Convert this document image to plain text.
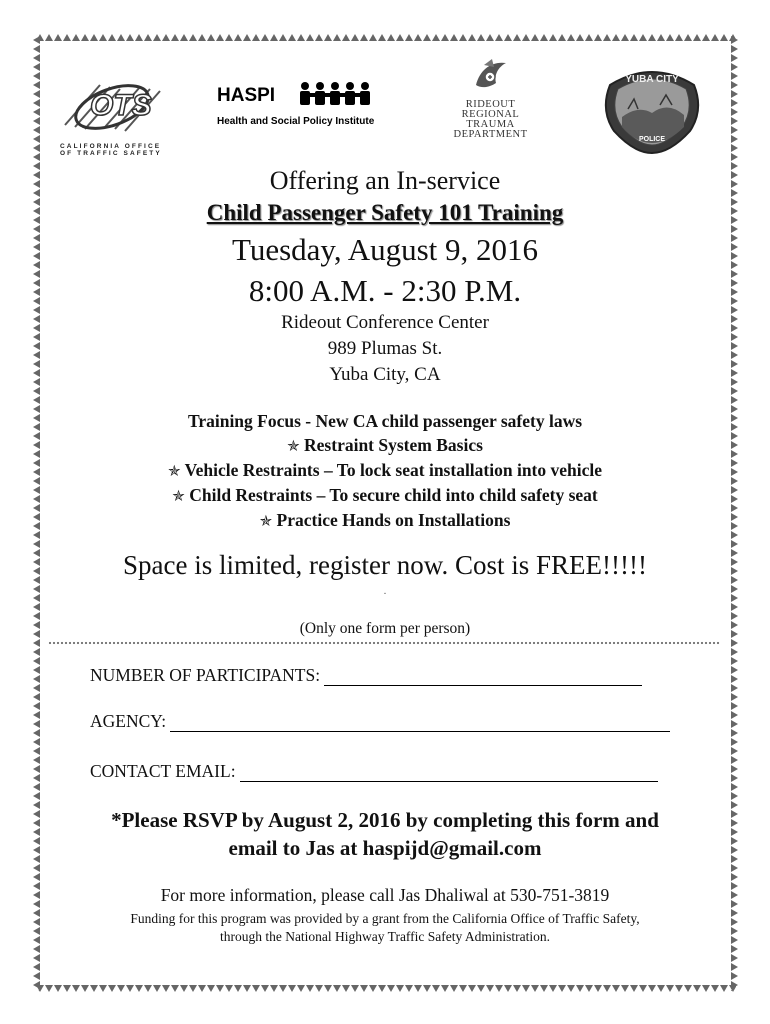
OTS
CALIFORNIA OFFICE OF TRAFFIC SAFETY
HASPI
Health and Social Policy Institute
RIDEOUT
REGIONAL
TRAUMA
DEPARTMENT
YUBA CITY
POLICE
Offering an In-service
Child Passenger Safety 101 Training
Tuesday, August 9, 2016
8:00 A.M. - 2:30 P.M.
Rideout Conference Center
989 Plumas St.
Yuba City, CA
Training Focus - New CA child passenger safety laws
✯ Restraint System Basics
✯ Vehicle Restraints – To lock seat installation into vehicle
✯ Child Restraints – To secure child into child safety seat
✯ Practice Hands on Installations
Space is limited, register now. Cost is FREE!!!!!
.
(Only one form per person)
NUMBER OF PARTICIPANTS:
AGENCY:
CONTACT EMAIL:
*Please RSVP by August 2, 2016 by completing this form and
email to Jas at haspijd@gmail.com
For more information, please call Jas Dhaliwal at 530-751-3819
Funding for this program was provided by a grant from the California Office of Traffic Safety,
through the National Highway Traffic Safety Administration.
